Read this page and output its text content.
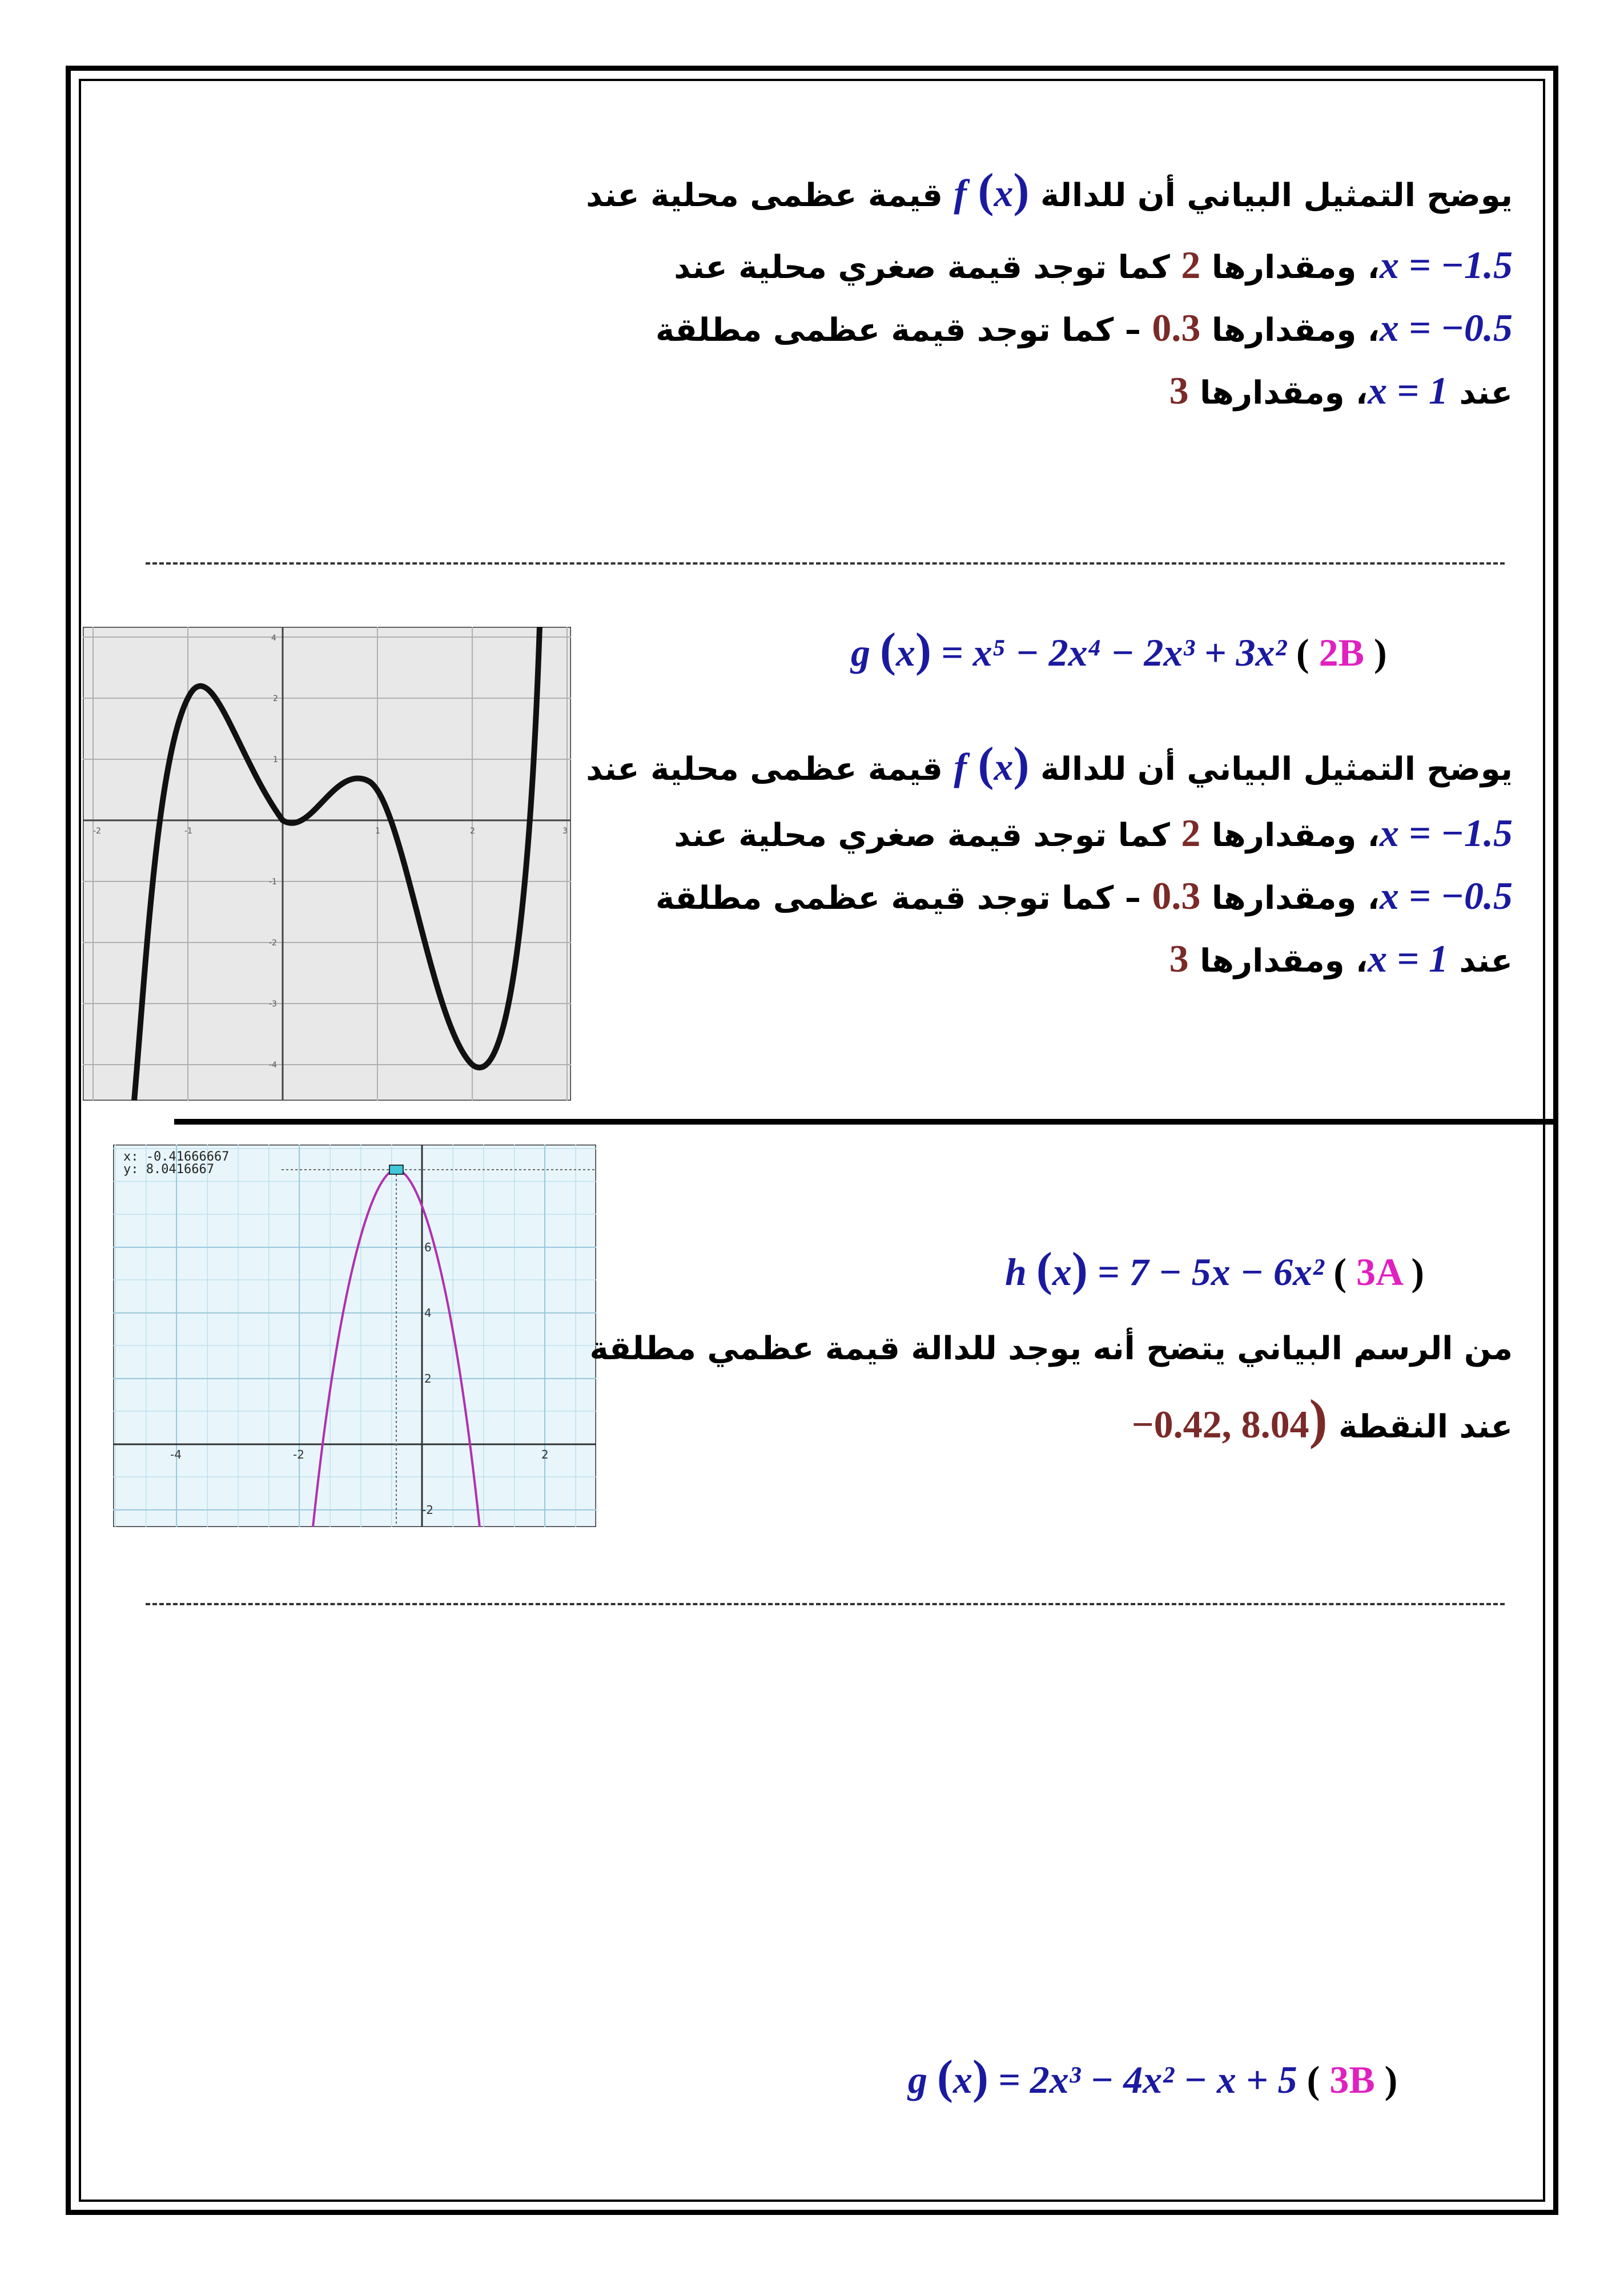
يوضح التمثيل البياني أن للدالة (x) f قيمة عظمى محلية عند
x = −1.5، ومقدارها 2 كما توجد قيمة صغري محلية عند
x = −0.5، ومقدارها 0.3 – كما توجد قيمة عظمى مطلقة
عند x = 1، ومقدارها 3
g (x) = x⁵ − 2x⁴ − 2x³ + 3x² ( 2B )
يوضح التمثيل البياني أن للدالة (x) f قيمة عظمى محلية عند
x = −1.5، ومقدارها 2 كما توجد قيمة صغري محلية عند
x = −0.5، ومقدارها 0.3 – كما توجد قيمة عظمى مطلقة
عند x = 1، ومقدارها 3
-2	-1	1	2	3
4
2
1
-1
-2
-3
-4
-4	-2	2
6
4
2
-2
x: -0.41666667
y: 8.0416667
h (x) = 7 − 5x − 6x² ( 3A )
من الرسم البياني يتضح أنه يوجد للدالة قيمة عظمي مطلقة
عند النقطة (−0.42, 8.04
g (x) = 2x³ − 4x² − x + 5 ( 3B )
